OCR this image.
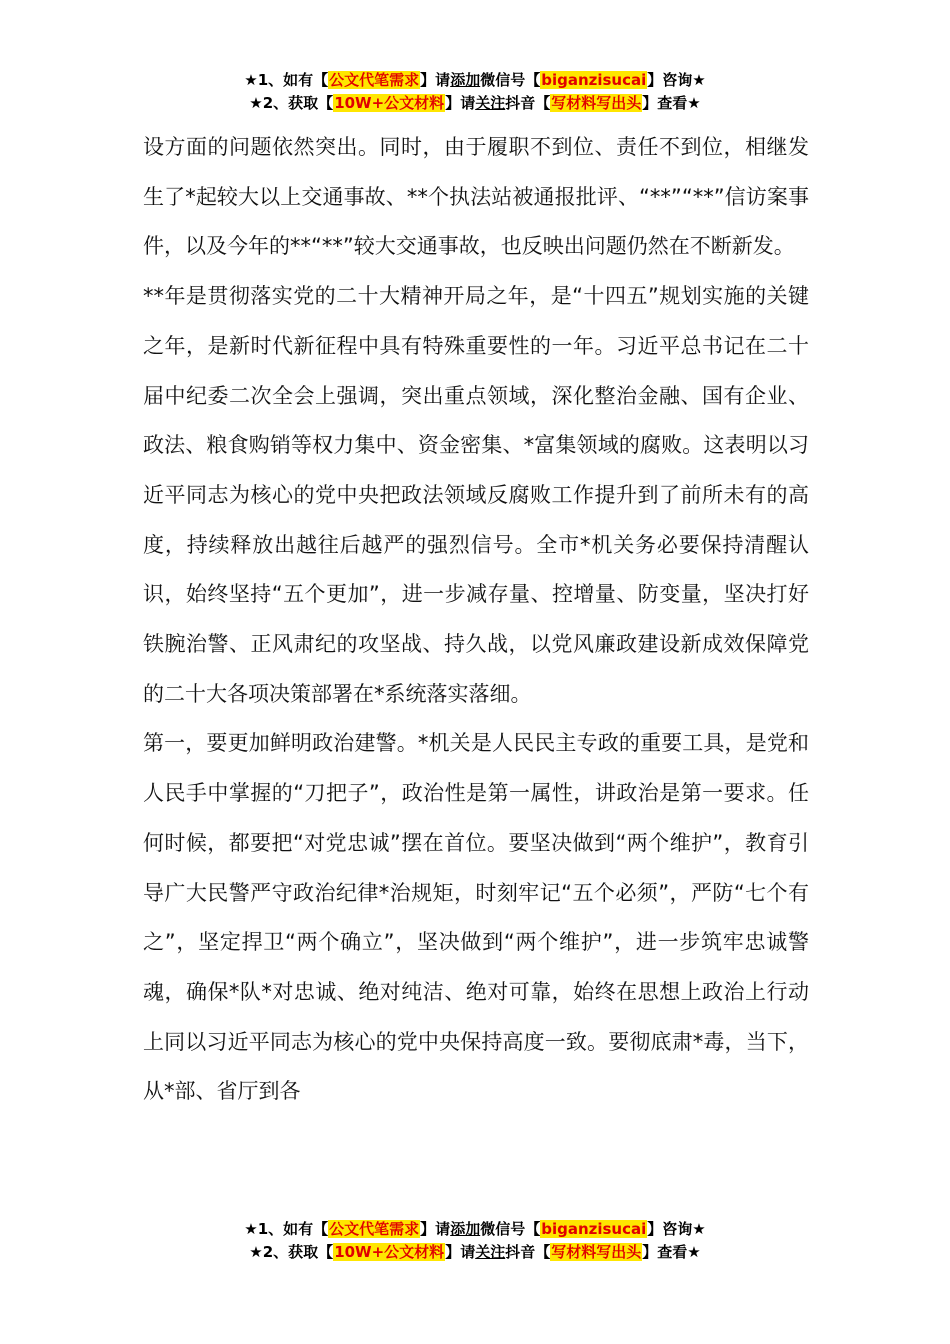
★1、如有【公文代笔需求】请添加微信号【biganzisucai】咨询★
★2、获取【10W+公文材料】请关注抖音【写材料写出头】查看★

设方面的问题依然突出。同时，由于履职不到位、责任不到位，相继发生了*起较大以上交通事故、**个执法站被通报批评、“**”“**”信访案事件，以及今年的**“**”较大交通事故，也反映出问题仍然在不断新发。

**年是贯彻落实党的二十大精神开局之年，是“十四五”规划实施的关键之年，是新时代新征程中具有特殊重要性的一年。习近平总书记在二十届中纪委二次全会上强调，突出重点领域，深化整治金融、国有企业、政法、粮食购销等权力集中、资金密集、*富集领域的腐败。这表明以习近平同志为核心的党中央把政法领域反腐败工作提升到了前所未有的高度，持续释放出越往后越严的强烈信号。全市*机关务必要保持清醒认识，始终坚持“五个更加”，进一步减存量、控增量、防变量，坚决打好铁腕治警、正风肃纪的攻坚战、持久战，以党风廉政建设新成效保障党的二十大各项决策部署在*系统落实落细。

第一，要更加鲜明政治建警。*机关是人民民主专政的重要工具，是党和人民手中掌握的“刀把子”，政治性是第一属性，讲政治是第一要求。任何时候，都要把“对党忠诚”摆在首位。要坚决做到“两个维护”，教育引导广大民警严守政治纪律*治规矩，时刻牢记“五个必须”，严防“七个有之”，坚定捍卫“两个确立”，坚决做到“两个维护”，进一步筑牢忠诚警魂，确保*队*对忠诚、绝对纯洁、绝对可靠，始终在思想上政治上行动上同以习近平同志为核心的党中央保持高度一致。要彻底肃*毒，当下，从*部、省厅到各

★1、如有【公文代笔需求】请添加微信号【biganzisucai】咨询★
★2、获取【10W+公文材料】请关注抖音【写材料写出头】查看★
